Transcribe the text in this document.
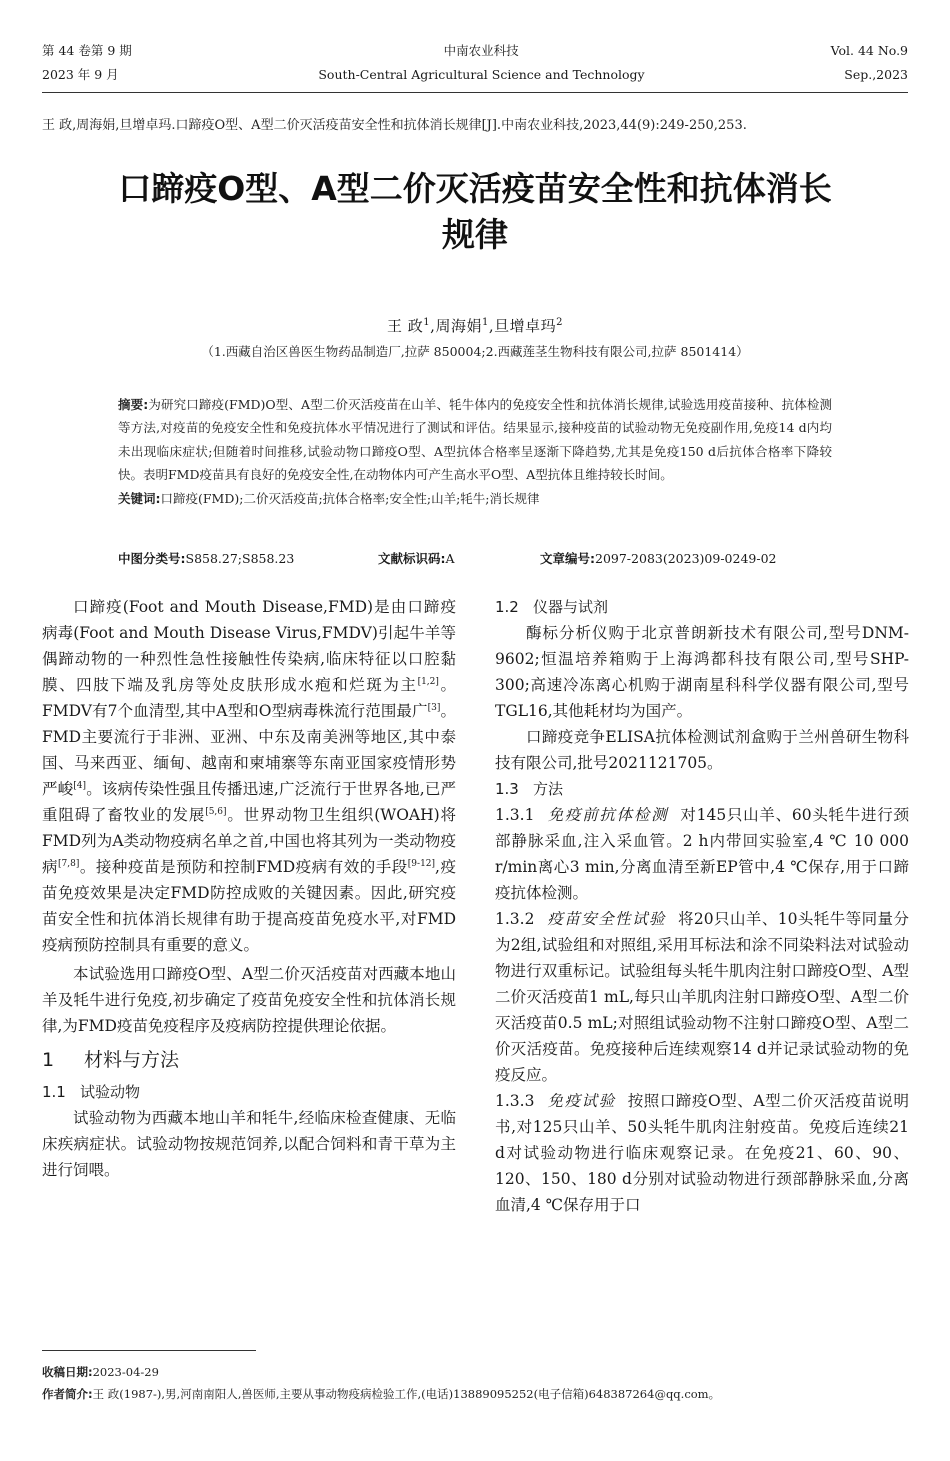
第 44 卷第 9 期	中南农业科技	Vol. 44 No.9
2023 年 9 月	South-Central Agricultural Science and Technology	Sep.,2023
王 政,周海娟,旦增卓玛.口蹄疫O型、A型二价灭活疫苗安全性和抗体消长规律[J].中南农业科技,2023,44(9):249-250,253.
口蹄疫O型、A型二价灭活疫苗安全性和抗体消长
规律
王 政$^1$,周海娟$^1$,旦增卓玛$^2$
（1.西藏自治区兽医生物药品制造厂,拉萨 850004;2.西藏莲茎生物科技有限公司,拉萨 8501414）
摘要:为研究口蹄疫(FMD)O型、A型二价灭活疫苗在山羊、牦牛体内的免疫安全性和抗体消长规律,试验选用疫苗接种、抗体检测等方法,对疫苗的免疫安全性和免疫抗体水平情况进行了测试和评估。结果显示,接种疫苗的试验动物无免疫副作用,免疫14 d内均未出现临床症状;但随着时间推移,试验动物口蹄疫O型、A型抗体合格率呈逐渐下降趋势,尤其是免疫150 d后抗体合格率下降较快。表明FMD疫苗具有良好的免疫安全性,在动物体内可产生高水平O型、A型抗体且维持较长时间。
关键词:口蹄疫(FMD);二价灭活疫苗;抗体合格率;安全性;山羊;牦牛;消长规律
中图分类号:S858.27;S858.23	文献标识码:A	文章编号:2097-2083(2023)09-0249-02

口蹄疫(Foot and Mouth Disease,FMD)是由口蹄疫病毒(Foot and Mouth Disease Virus,FMDV)引起牛羊等偶蹄动物的一种烈性急性接触性传染病,临床特征以口腔黏膜、四肢下端及乳房等处皮肤形成水疱和烂斑为主[1,2]。FMDV有7个血清型,其中A型和O型病毒株流行范围最广[3]。FMD主要流行于非洲、亚洲、中东及南美洲等地区,其中泰国、马来西亚、缅甸、越南和柬埔寨等东南亚国家疫情形势严峻[4]。该病传染性强且传播迅速,广泛流行于世界各地,已严重阻碍了畜牧业的发展[5,6]。世界动物卫生组织(WOAH)将FMD列为A类动物疫病名单之首,中国也将其列为一类动物疫病[7,8]。接种疫苗是预防和控制FMD疫病有效的手段[9-12],疫苗免疫效果是决定FMD防控成败的关键因素。因此,研究疫苗安全性和抗体消长规律有助于提高疫苗免疫水平,对FMD疫病预防控制具有重要的意义。

本试验选用口蹄疫O型、A型二价灭活疫苗对西藏本地山羊及牦牛进行免疫,初步确定了疫苗免疫安全性和抗体消长规律,为FMD疫苗免疫程序及疫病防控提供理论依据。

1 材料与方法
1.1 试验动物

试验动物为西藏本地山羊和牦牛,经临床检查健康、无临床疾病症状。试验动物按规范饲养,以配合饲料和青干草为主进行饲喂。

1.2 仪器与试剂

酶标分析仪购于北京普朗新技术有限公司,型号DNM-9602;恒温培养箱购于上海鸿都科技有限公司,型号SHP-300;高速冷冻离心机购于湖南星科科学仪器有限公司,型号TGL16,其他耗材均为国产。

口蹄疫竞争ELISA抗体检测试剂盒购于兰州兽研生物科技有限公司,批号2021121705。

1.3 方法

1.3.1 免疫前抗体检测 对145只山羊、60头牦牛进行颈部静脉采血,注入采血管。2 h内带回实验室,4 ℃ 10 000 r/min离心3 min,分离血清至新EP管中,4 ℃保存,用于口蹄疫抗体检测。

1.3.2 疫苗安全性试验 将20只山羊、10头牦牛等同量分为2组,试验组和对照组,采用耳标法和涂不同染料法对试验动物进行双重标记。试验组每头牦牛肌肉注射口蹄疫O型、A型二价灭活疫苗1 mL,每只山羊肌肉注射口蹄疫O型、A型二价灭活疫苗0.5 mL;对照组试验动物不注射口蹄疫O型、A型二价灭活疫苗。免疫接种后连续观察14 d并记录试验动物的免疫反应。

1.3.3 免疫试验 按照口蹄疫O型、A型二价灭活疫苗说明书,对125只山羊、50头牦牛肌肉注射疫苗。免疫后连续21 d对试验动物进行临床观察记录。在免疫21、60、90、120、150、180 d分别对试验动物进行颈部静脉采血,分离血清,4 ℃保存用于口

收稿日期:2023-04-29
作者简介:王 政(1987-),男,河南南阳人,兽医师,主要从事动物疫病检验工作,(电话)13889095252(电子信箱)648387264@qq.com。
